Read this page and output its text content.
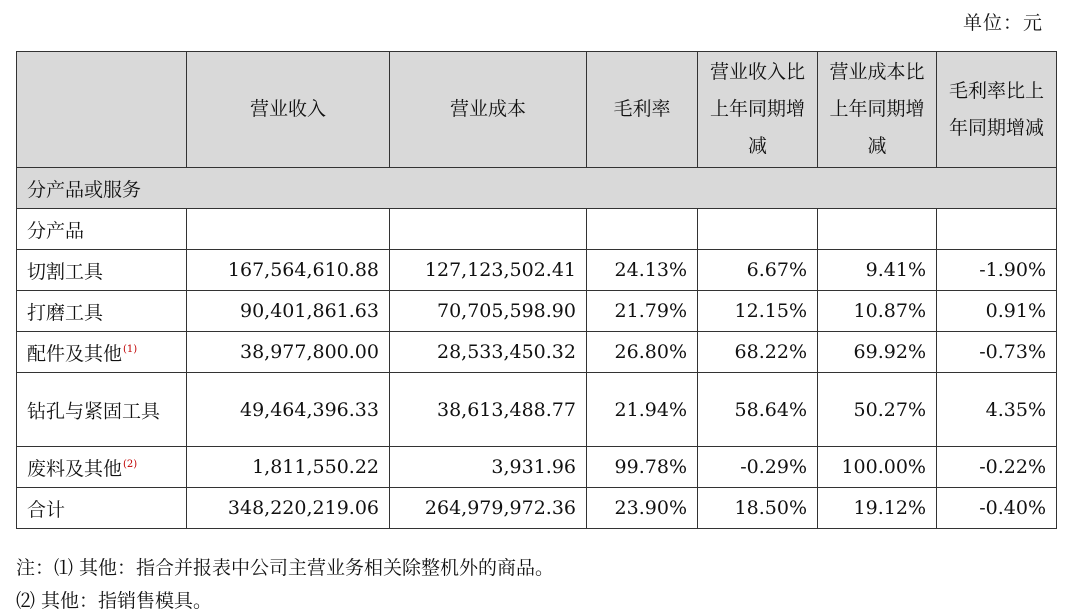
单位：元
	营业收入	营业成本	毛利率	营业收入比上年同期增减	营业成本比上年同期增减	毛利率比上年同期增减
分产品或服务						
分产品						
切割工具	167,564,610.88	127,123,502.41	24.13%	6.67%	9.41%	-1.90%
打磨工具	90,401,861.63	70,705,598.90	21.79%	12.15%	10.87%	0.91%
配件及其他$^{(1)}$	38,977,800.00	28,533,450.32	26.80%	68.22%	69.92%	-0.73%
钻孔与紧固工具	49,464,396.33	38,613,488.77	21.94%	58.64%	50.27%	4.35%
废料及其他$^{(2)}$	1,811,550.22	3,931.96	99.78%	-0.29%	100.00%	-0.22%
合计	348,220,219.06	264,979,972.36	23.90%	18.50%	19.12%	-0.40%
注：⑴ 其他：指合并报表中公司主营业务相关除整机外的商品。
⑵ 其他：指销售模具。
